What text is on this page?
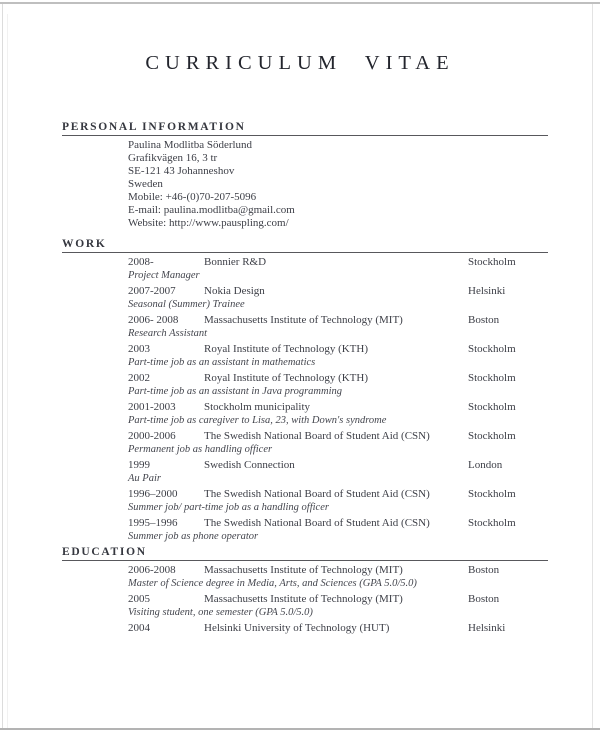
CURRICULUM VITAE
PERSONAL INFORMATION
Paulina Modlitba Söderlund
Grafikvägen 16, 3 tr
SE-121 43 Johanneshov
Sweden
Mobile: +46-(0)70-207-5096
E-mail: paulina.modlitba@gmail.com
Website: http://www.pauspling.com/
WORK
2008-	Bonnier R&D	Stockholm
Project Manager
2007-2007	Nokia Design	Helsinki
Seasonal (Summer) Trainee
2006- 2008	Massachusetts Institute of Technology (MIT)	Boston
Research Assistant
2003	Royal Institute of Technology (KTH)	Stockholm
Part-time job as an assistant in mathematics
2002	Royal Institute of Technology (KTH)	Stockholm
Part-time job as an assistant in Java programming
2001-2003	Stockholm municipality	Stockholm
Part-time job as caregiver to Lisa, 23, with Down's syndrome
2000-2006	The Swedish National Board of Student Aid (CSN)	Stockholm
Permanent job as handling officer
1999	Swedish Connection	London
Au Pair
1996–2000	The Swedish National Board of Student Aid (CSN)	Stockholm
Summer job/ part-time job as a handling officer
1995–1996	The Swedish National Board of Student Aid (CSN)	Stockholm
Summer job as phone operator
EDUCATION
2006-2008	Massachusetts Institute of Technology (MIT)	Boston
Master of Science degree in Media, Arts, and Sciences (GPA 5.0/5.0)
2005	Massachusetts Institute of Technology (MIT)	Boston
Visiting student, one semester (GPA 5.0/5.0)
2004	Helsinki University of Technology (HUT)	Helsinki
